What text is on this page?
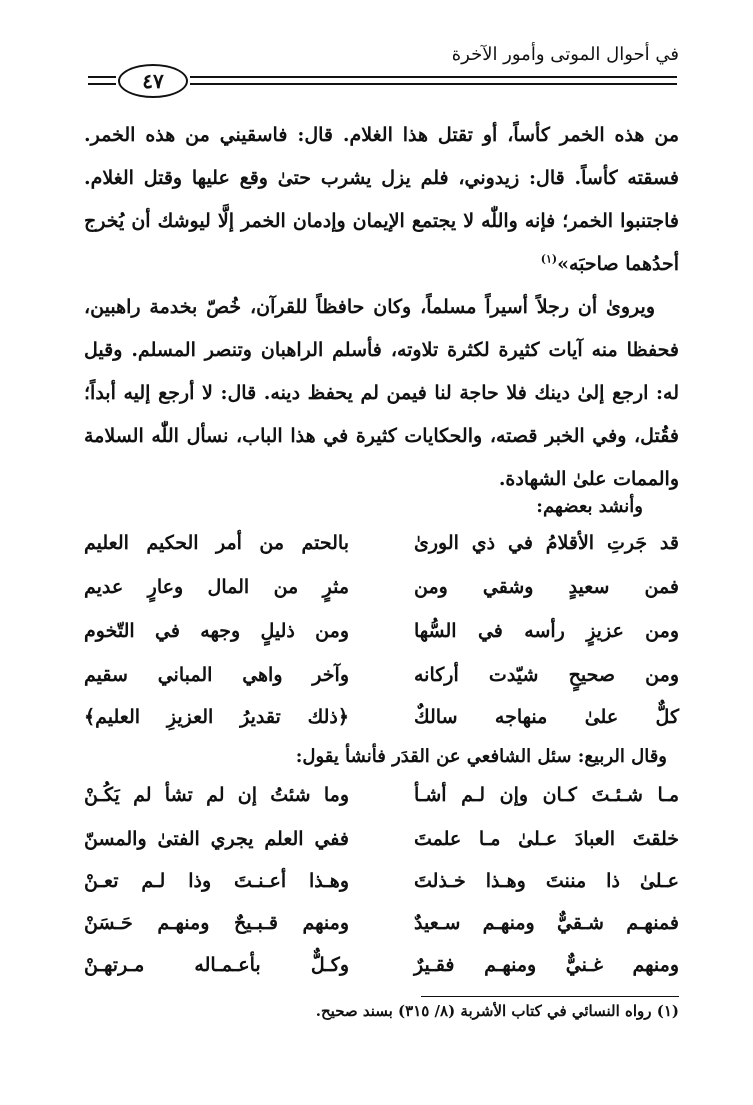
في أحوال الموتى وأمور الآخرة
٤٧

من هذه الخمر كأساً، أو تقتل هذا الغلام. قال: فاسقيني من هذه الخمر. فسقته كأساً. قال: زيدوني، فلم يزل يشرب حتىٰ وقع عليها وقتل الغلام. فاجتنبوا الخمر؛ فإنه واللّٰه لا يجتمع الإيمان وإدمان الخمر إلَّا ليوشك أن يُخرج أحدُهما صاحبَه»$^{(١)}$

ويروىٰ أن رجلاً أسيراً مسلماً، وكان حافظاً للقرآن، خُصّ بخدمة راهبين، فحفظا منه آيات كثيرة لكثرة تلاوته، فأسلم الراهبان وتنصر المسلم. وقيل له: ارجع إلىٰ دينك فلا حاجة لنا فيمن لم يحفظ دينه. قال: لا أرجع إليه أبداً؛ فقُتل، وفي الخبر قصته، والحكايات كثيرة في هذا الباب، نسأل اللّٰه السلامة والممات علىٰ الشهادة.

وأنشد بعضهم:
قد جَرتِ الأقلامُ في ذي الورىٰ
بالحتم من أمر الحكيم العليم
فمن سعيدٍ وشقي ومن
مثرٍ من المال وعارٍ عديم
ومن عزيزٍ رأسه في السُّها
ومن ذليلٍ وجهه في التّخوم
ومن صحيحٍ شيّدت أركانه
وآخر واهي المباني سقيم
كلٌّ علىٰ منهاجه سالكٌ
﴿ذلك تقديرُ العزيزِ العليم﴾
وقال الربيع: سئل الشافعي عن القدَر فأنشأ يقول:
مـا شـئـتَ كـان وإن لـم أشـأ
وما شئتُ إن لم تشأ لم يَكُـنْ
خلقتَ العبادَ عـلىٰ مـا علمتَ
ففي العلم يجري الفتىٰ والمسنّ
عـلىٰ ذا مننتَ وهـذا خـذلتَ
وهـذا أعـنـتَ وذا لـم تعـنْ
فمنهـم شـقيٌّ ومنهـم سـعيدٌ
ومنهم قـبـيحٌ ومنهـم حَـسَنْ
ومنهم غـنيٌّ ومنهـم فقـيرٌ
وكـلٌّ بأعـمـاله مـرتهـنْ
(١) رواه النسائي في كتاب الأشربة (٨/ ٣١٥) بسند صحيح.
